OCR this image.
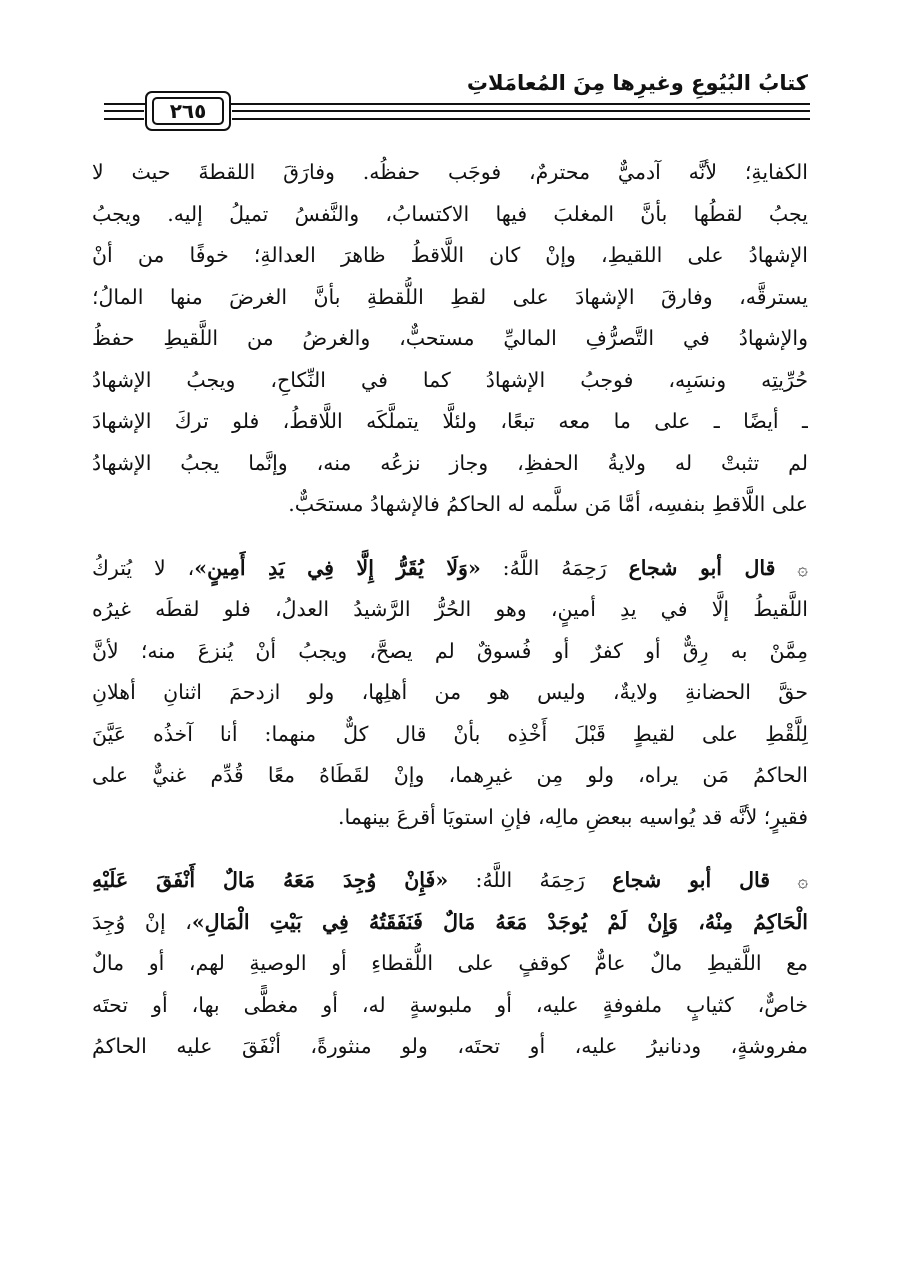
كتابُ البُيُوعِ وغيرِها مِنَ المُعامَلاتِ
٢٦٥
الكفايةِ؛ لأنَّه آدميٌّ محترمٌ، فوجَب حفظُه. وفارَقَ اللقطةَ حيث لا
يجبُ لقطُها بأنَّ المغلبَ فيها الاكتسابُ، والنَّفسُ تميلُ إليه. ويجبُ
الإشهادُ على اللقيطِ، وإنْ كان اللَّاقطُ ظاهرَ العدالةِ؛ خوفًا من أنْ
يسترقَّه، وفارقَ الإشهادَ على لقطِ اللُّقطةِ بأنَّ الغرضَ منها المالُ؛
والإشهادُ في التَّصرُّفِ الماليِّ مستحبٌّ، والغرضُ من اللَّقيطِ حفظُ
حُرِّيتِه ونسَبِه، فوجبُ الإشهادُ كما في النِّكاحِ، ويجبُ الإشهادُ
ـ أيضًا ـ على ما معه تبعًا، ولئلَّا يتملَّكَه اللَّاقطُ، فلو تركَ الإشهادَ
لم تثبتْ له ولايةُ الحفظِ، وجاز نزعُه منه، وإنَّما يجبُ الإشهادُ
على اللَّاقطِ بنفسِه، أمَّا مَن سلَّمه له الحاكمُ فالإشهادُ مستحَبٌّ.
۞ قال أبو شجاع رَحِمَهُ اللَّهُ: «وَلَا يُقَرُّ إِلَّا فِي يَدِ أَمِينٍ»، لا يُتركُ
اللَّقيطُ إلَّا في يدِ أمينٍ، وهو الحُرُّ الرَّشيدُ العدلُ، فلو لقطَه غيرُه
مِمَّنْ به رِقٌّ أو كفرٌ أو فُسوقٌ لم يصحَّ، ويجبُ أنْ يُنزعَ منه؛ لأنَّ
حقَّ الحضانةِ ولايةٌ، وليس هو من أهلِها، ولو ازدحمَ اثنانِ أهلانِ
لِلَّقْطِ على لقيطٍ قَبْلَ أَخْذِه بأنْ قال كلٌّ منهما: أنا آخذُه عَيَّنَ
الحاكمُ مَن يراه، ولو مِن غيرِهما، وإنْ لقَطَاهُ معًا قُدِّم غنيٌّ على
فقيرٍ؛ لأنَّه قد يُواسيه ببعضِ مالِه، فإنِ استويَا أقرعَ بينهما.
۞ قال أبو شجاع رَحِمَهُ اللَّهُ: «فَإِنْ وُجِدَ مَعَهُ مَالٌ أَنْفَقَ عَلَيْهِ
الْحَاكِمُ مِنْهُ، وَإِنْ لَمْ يُوجَدْ مَعَهُ مَالٌ فَنَفَقَتُهُ فِي بَيْتِ الْمَالِ»، إنْ وُجِدَ
مع اللَّقيطِ مالٌ عامٌّ كوقفٍ على اللُّقطاءِ أو الوصيةِ لهم، أو مالٌ
خاصٌّ، كثيابٍ ملفوفةٍ عليه، أو ملبوسةٍ له، أو مغطًّى بها، أو تحتَه
مفروشةٍ، ودنانيرُ عليه، أو تحتَه، ولو منثورةً، أنْفَقَ عليه الحاكمُ
